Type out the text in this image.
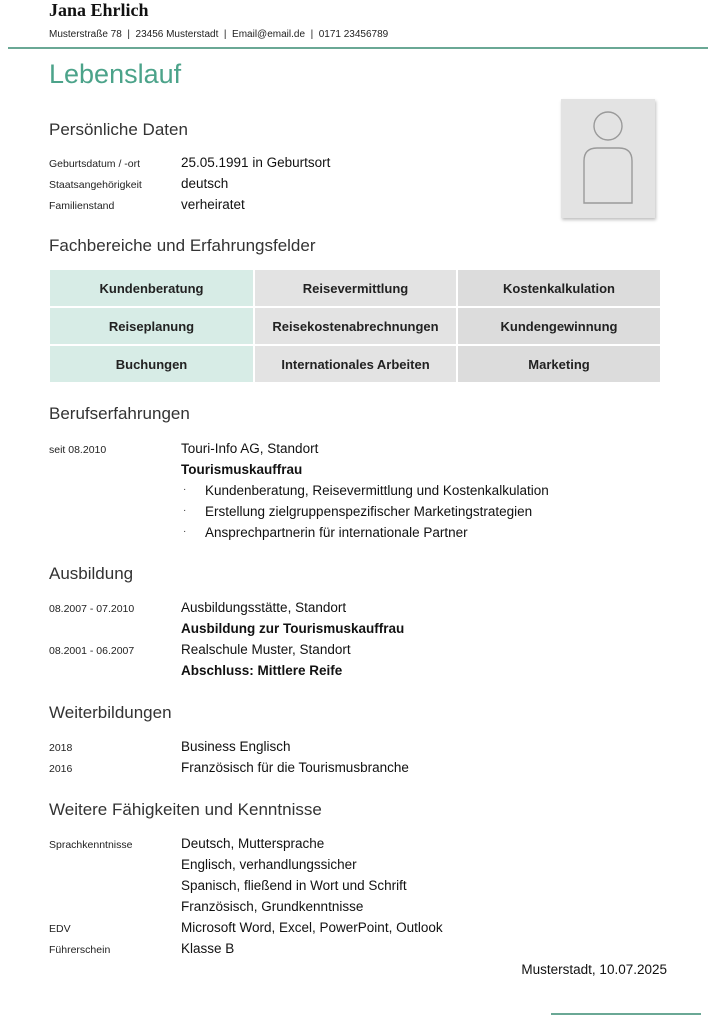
Jana Ehrlich
Musterstraße 78  |  23456 Musterstadt  |  Email@email.de  |  0171 23456789
Lebenslauf
Persönliche Daten
Geburtsdatum / -ort	25.05.1991 in Geburtsort
Staatsangehörigkeit	deutsch
Familienstand	verheiratet
Fachbereiche und Erfahrungsfelder
Kundenberatung	Reisevermittlung	Kostenkalkulation
Reiseplanung	Reisekostenabrechnungen	Kundengewinnung
Buchungen	Internationales Arbeiten	Marketing
Berufserfahrungen
seit 08.2010	Touri-Info AG, Standort
Tourismuskauffrau
· Kundenberatung, Reisevermittlung und Kostenkalkulation
· Erstellung zielgruppenspezifischer Marketingstrategien
· Ansprechpartnerin für internationale Partner
Ausbildung
08.2007 - 07.2010	Ausbildungsstätte, Standort
Ausbildung zur Tourismuskauffrau
08.2001 - 06.2007	Realschule Muster, Standort
Abschluss: Mittlere Reife
Weiterbildungen
2018	Business Englisch
2016	Französisch für die Tourismusbranche
Weitere Fähigkeiten und Kenntnisse
Sprachkenntnisse	Deutsch, Muttersprache
Englisch, verhandlungssicher
Spanisch, fließend in Wort und Schrift
Französisch, Grundkenntnisse
EDV	Microsoft Word, Excel, PowerPoint, Outlook
Führerschein	Klasse B
Musterstadt, 10.07.2025
